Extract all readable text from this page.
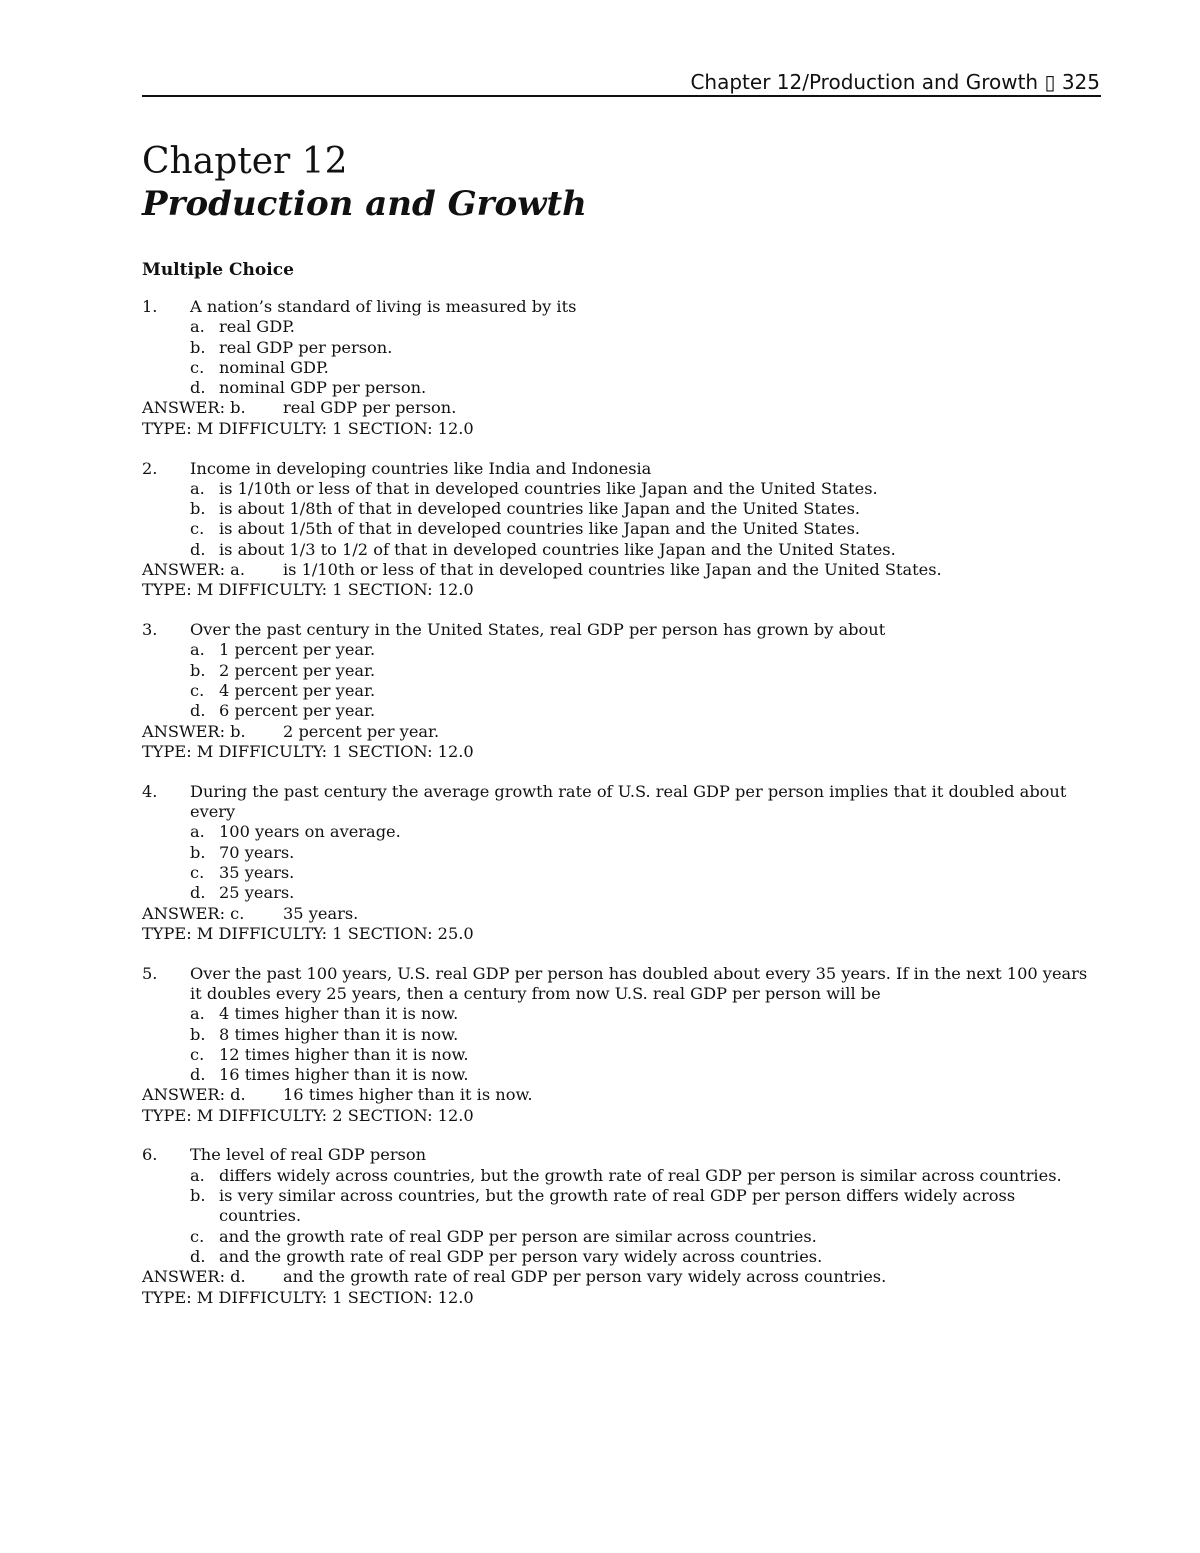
Chapter 12/Production and Growth ▯ 325
Chapter 12
Production and Growth
Multiple Choice
1.	A nation’s standard of living is measured by its
a. real GDP.
b. real GDP per person.
c. nominal GDP.
d. nominal GDP per person.
ANSWER: b.	real GDP per person.
TYPE: M DIFFICULTY: 1 SECTION: 12.0
2.	Income in developing countries like India and Indonesia
a. is 1/10th or less of that in developed countries like Japan and the United States.
b. is about 1/8th of that in developed countries like Japan and the United States.
c. is about 1/5th of that in developed countries like Japan and the United States.
d. is about 1/3 to 1/2 of that in developed countries like Japan and the United States.
ANSWER: a.	is 1/10th or less of that in developed countries like Japan and the United States.
TYPE: M DIFFICULTY: 1 SECTION: 12.0
3.	Over the past century in the United States, real GDP per person has grown by about
a. 1 percent per year.
b. 2 percent per year.
c. 4 percent per year.
d. 6 percent per year.
ANSWER: b.	2 percent per year.
TYPE: M DIFFICULTY: 1 SECTION: 12.0
4.	During the past century the average growth rate of U.S. real GDP per person implies that it doubled about every
a. 100 years on average.
b. 70 years.
c. 35 years.
d. 25 years.
ANSWER: c.	35 years.
TYPE: M DIFFICULTY: 1 SECTION: 25.0
5.	Over the past 100 years, U.S. real GDP per person has doubled about every 35 years. If in the next 100 years it doubles every 25 years, then a century from now U.S. real GDP per person will be
a. 4 times higher than it is now.
b. 8 times higher than it is now.
c. 12 times higher than it is now.
d. 16 times higher than it is now.
ANSWER: d.	16 times higher than it is now.
TYPE: M DIFFICULTY: 2 SECTION: 12.0
6.	The level of real GDP person
a. differs widely across countries, but the growth rate of real GDP per person is similar across countries.
b. is very similar across countries, but the growth rate of real GDP per person differs widely across countries.
c. and the growth rate of real GDP per person are similar across countries.
d. and the growth rate of real GDP per person vary widely across countries.
ANSWER: d.	and the growth rate of real GDP per person vary widely across countries.
TYPE: M DIFFICULTY: 1 SECTION: 12.0
